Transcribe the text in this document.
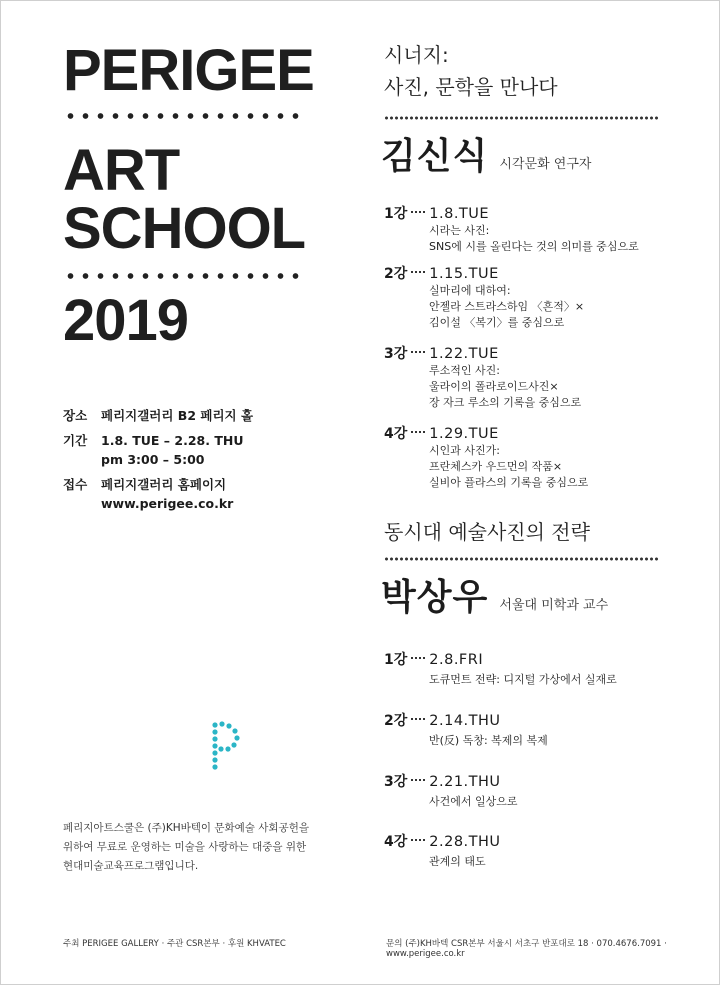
PERIGEE
ART
SCHOOL
2019
장소	페리지갤러리 B2 페리지 홀
기간	1.8. TUE – 2.28. THU
pm 3:00 – 5:00
접수	페리지갤러리 홈페이지
www.perigee.co.kr
페리지아트스쿨은 (주)KH바텍이 문화예술 사회공헌을
위하여 무료로 운영하는 미술을 사랑하는 대중을 위한
현대미술교육프로그램입니다.
주최 PERIGEE GALLERY · 주관 CSR본부 · 후원 KHVATEC	문의 (주)KH바텍 CSR본부 서울시 서초구 반포대로 18 · 070.4676.7091 · www.perigee.co.kr
시너지:
사진, 문학을 만나다
김신식 시각문화 연구자
1강 1.8.TUE
시라는 사진:
SNS에 시를 올린다는 것의 의미를 중심으로
2강 1.15.TUE
실마리에 대하여:
안젤라 스트라스하임 〈흔적〉×
김이설 〈복기〉를 중심으로
3강 1.22.TUE
루소적인 사진:
울라이의 폴라로이드사진×
장 자크 루소의 기록을 중심으로
4강 1.29.TUE
시인과 사진가:
프란체스카 우드먼의 작품×
실비아 플라스의 기록을 중심으로
동시대 예술사진의 전략
박상우 서울대 미학과 교수
1강 2.8.FRI
도큐먼트 전략: 디지털 가상에서 실재로
2강 2.14.THU
반(反) 독창: 복제의 복제
3강 2.21.THU
사건에서 일상으로
4강 2.28.THU
관계의 태도
